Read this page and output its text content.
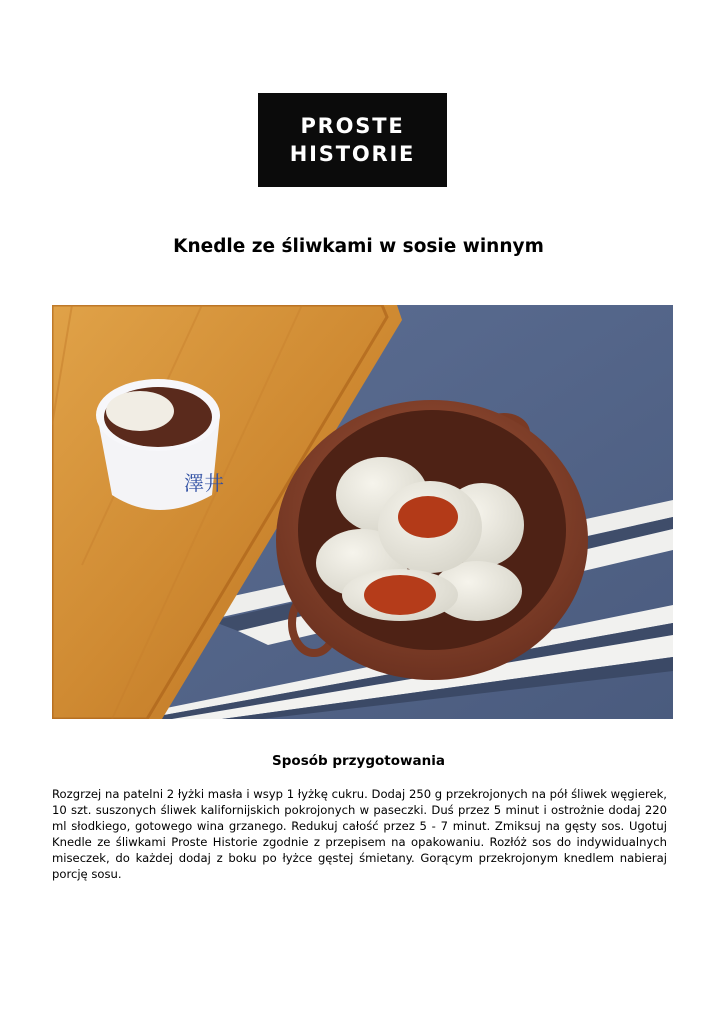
PROSTE
HISTORIE
Knedle ze śliwkami w sosie winnym
澤井
Sposób przygotowania

Rozgrzej na patelni 2 łyżki masła i wsyp 1 łyżkę cukru. Dodaj 250 g przekrojonych na pół śliwek węgierek, 10 szt. suszonych śliwek kalifornijskich pokrojonych w paseczki. Duś przez 5 minut i ostrożnie dodaj 220 ml słodkiego, gotowego wina grzanego. Redukuj całość przez 5 - 7 minut. Zmiksuj na gęsty sos. Ugotuj Knedle ze śliwkami Proste Historie zgodnie z przepisem na opakowaniu. Rozłóż sos do indywidualnych miseczek, do każdej dodaj z boku po łyżce gęstej śmietany. Gorącym przekrojonym knedlem nabieraj porcję sosu.
